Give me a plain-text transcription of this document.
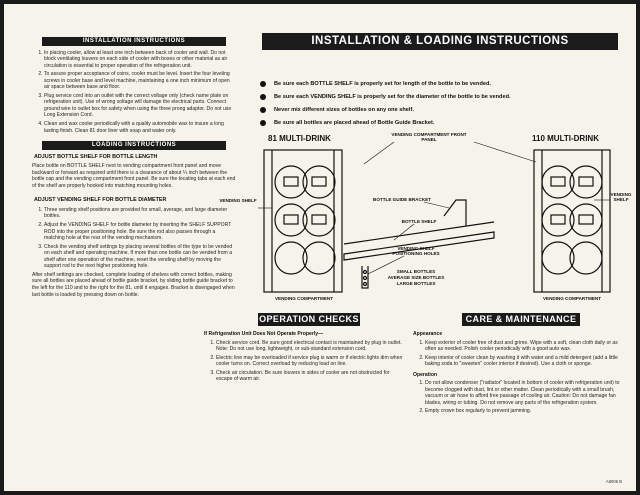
INSTALLATION INSTRUCTIONS
1. In placing cooler, allow at least one inch between back of cooler and wall. Do not block ventilating louvers on each side of cooler with boxes or other material as air circulation is essential to proper operation of the refrigeration unit.
2. To assure proper acceptance of coins, cooler must be level. Insert the four leveling screws in cooler base and level machine, maintaining a one inch minimum of open air space between base and floor.
3. Plug service cord into an outlet with the correct voltage only (check name plate on refrigeration unit). Use of wrong voltage will damage the electrical parts. Connect ground wire to outlet box for safety when using the three prong adaptor. Do not use Long Extension Cord.
4. Clean and wax cooler periodically with a quality automobile wax to insure a long lasting finish. Clean 81 door liner with soap and water only.
LOADING INSTRUCTIONS
ADJUST BOTTLE SHELF FOR BOTTLE LENGTH

Place bottle on BOTTLE SHELF next to vending compartment front panel and move backward or forward as required until there is a clearance of about ¼ inch between the bottle cap and the vending compartment front panel. Be sure the locating tabs at each end of the shelf are properly hooked into matching mounting holes.

ADJUST VENDING SHELF FOR BOTTLE DIAMETER
1. Three vending shelf positions are provided for small, average, and large diameter bottles.
2. Adjust the VENDING SHELF for bottle diameter by inserting the SHELF SUPPORT ROD into the proper positioning hole. Be sure the rod also passes through a matching hole at the rear of the vending mechanism.
3. Check the vending shelf settings by placing several bottles of the type to be vended on each shelf and operating machine. If more than one bottle can be vended from a shelf after one operation of the machine, reset the vending shelf by moving the support rod to the next higher positioning hole.

After shelf settings are checked, complete loading of shelves with correct bottles, making sure all bottles are placed ahead of bottle guide bracket, by sliding bottle guide bracket to the left for the 110 and to the right for the 81, until it engages. Bracket is disengaged when last bottle is loaded by pressing down on bottle.

INSTALLATION & LOADING INSTRUCTIONS
Be sure each BOTTLE SHELF is properly set for length of the bottle to be vended.
Be sure each VENDING SHELF is properly set for the diameter of the bottle to be vended.
Never mix different sizes of bottles on any one shelf.
Be sure all bottles are placed ahead of Bottle Guide Bracket.
81 MULTI-DRINK	110 MULTI-DRINK
VENDING COMPARTMENT FRONT PANEL
VENDING SHELF
VENDING SHELF
BOTTLE GUIDE BRACKET
BOTTLE SHELF
VENDING SHELF POSITIONING HOLES
SMALL BOTTLES
AVERAGE SIZE BOTTLES
LARGE BOTTLES
VENDING COMPARTMENT	VENDING COMPARTMENT
OPERATION CHECKS	CARE & MAINTENANCE

If Refrigeration Unit Does Not Operate Properly—

1. Check service cord. Be sure good electrical contact is maintained by plug in outlet. Note: Do not use long, lightweight, or sub-standard extension cord.
2. Electric line may be overloaded if service plug is warm or if electric lights dim when cooler turns on. Correct overload by reducing load on line.
3. Check air circulation. Be sure louvers in sides of cooler are not obstructed for escape of warm air.

Appearance

1. Keep exterior of cooler free of dust and grime. Wipe with a soft, clean cloth daily or as often as needed. Polish cooler periodically with a good auto wax.
2. Keep interior of cooler clean by washing it with water and a mild detergent (add a little baking soda to "sweeten" cooler interior if desired). Use a cloth or sponge.

Operation

1. Do not allow condenser ("radiator" located in bottom of cooler with refrigeration unit) to become clogged with dust, lint or other matter. Clean periodically with a small brush, vacuum or air hose to afford free passage of cooling air. Caution: Do not damage fan blades, wiring or tubing. Do not remove any parts of the refrigeration system.
2. Empty crown box regularly to prevent jamming.
A6006 B
